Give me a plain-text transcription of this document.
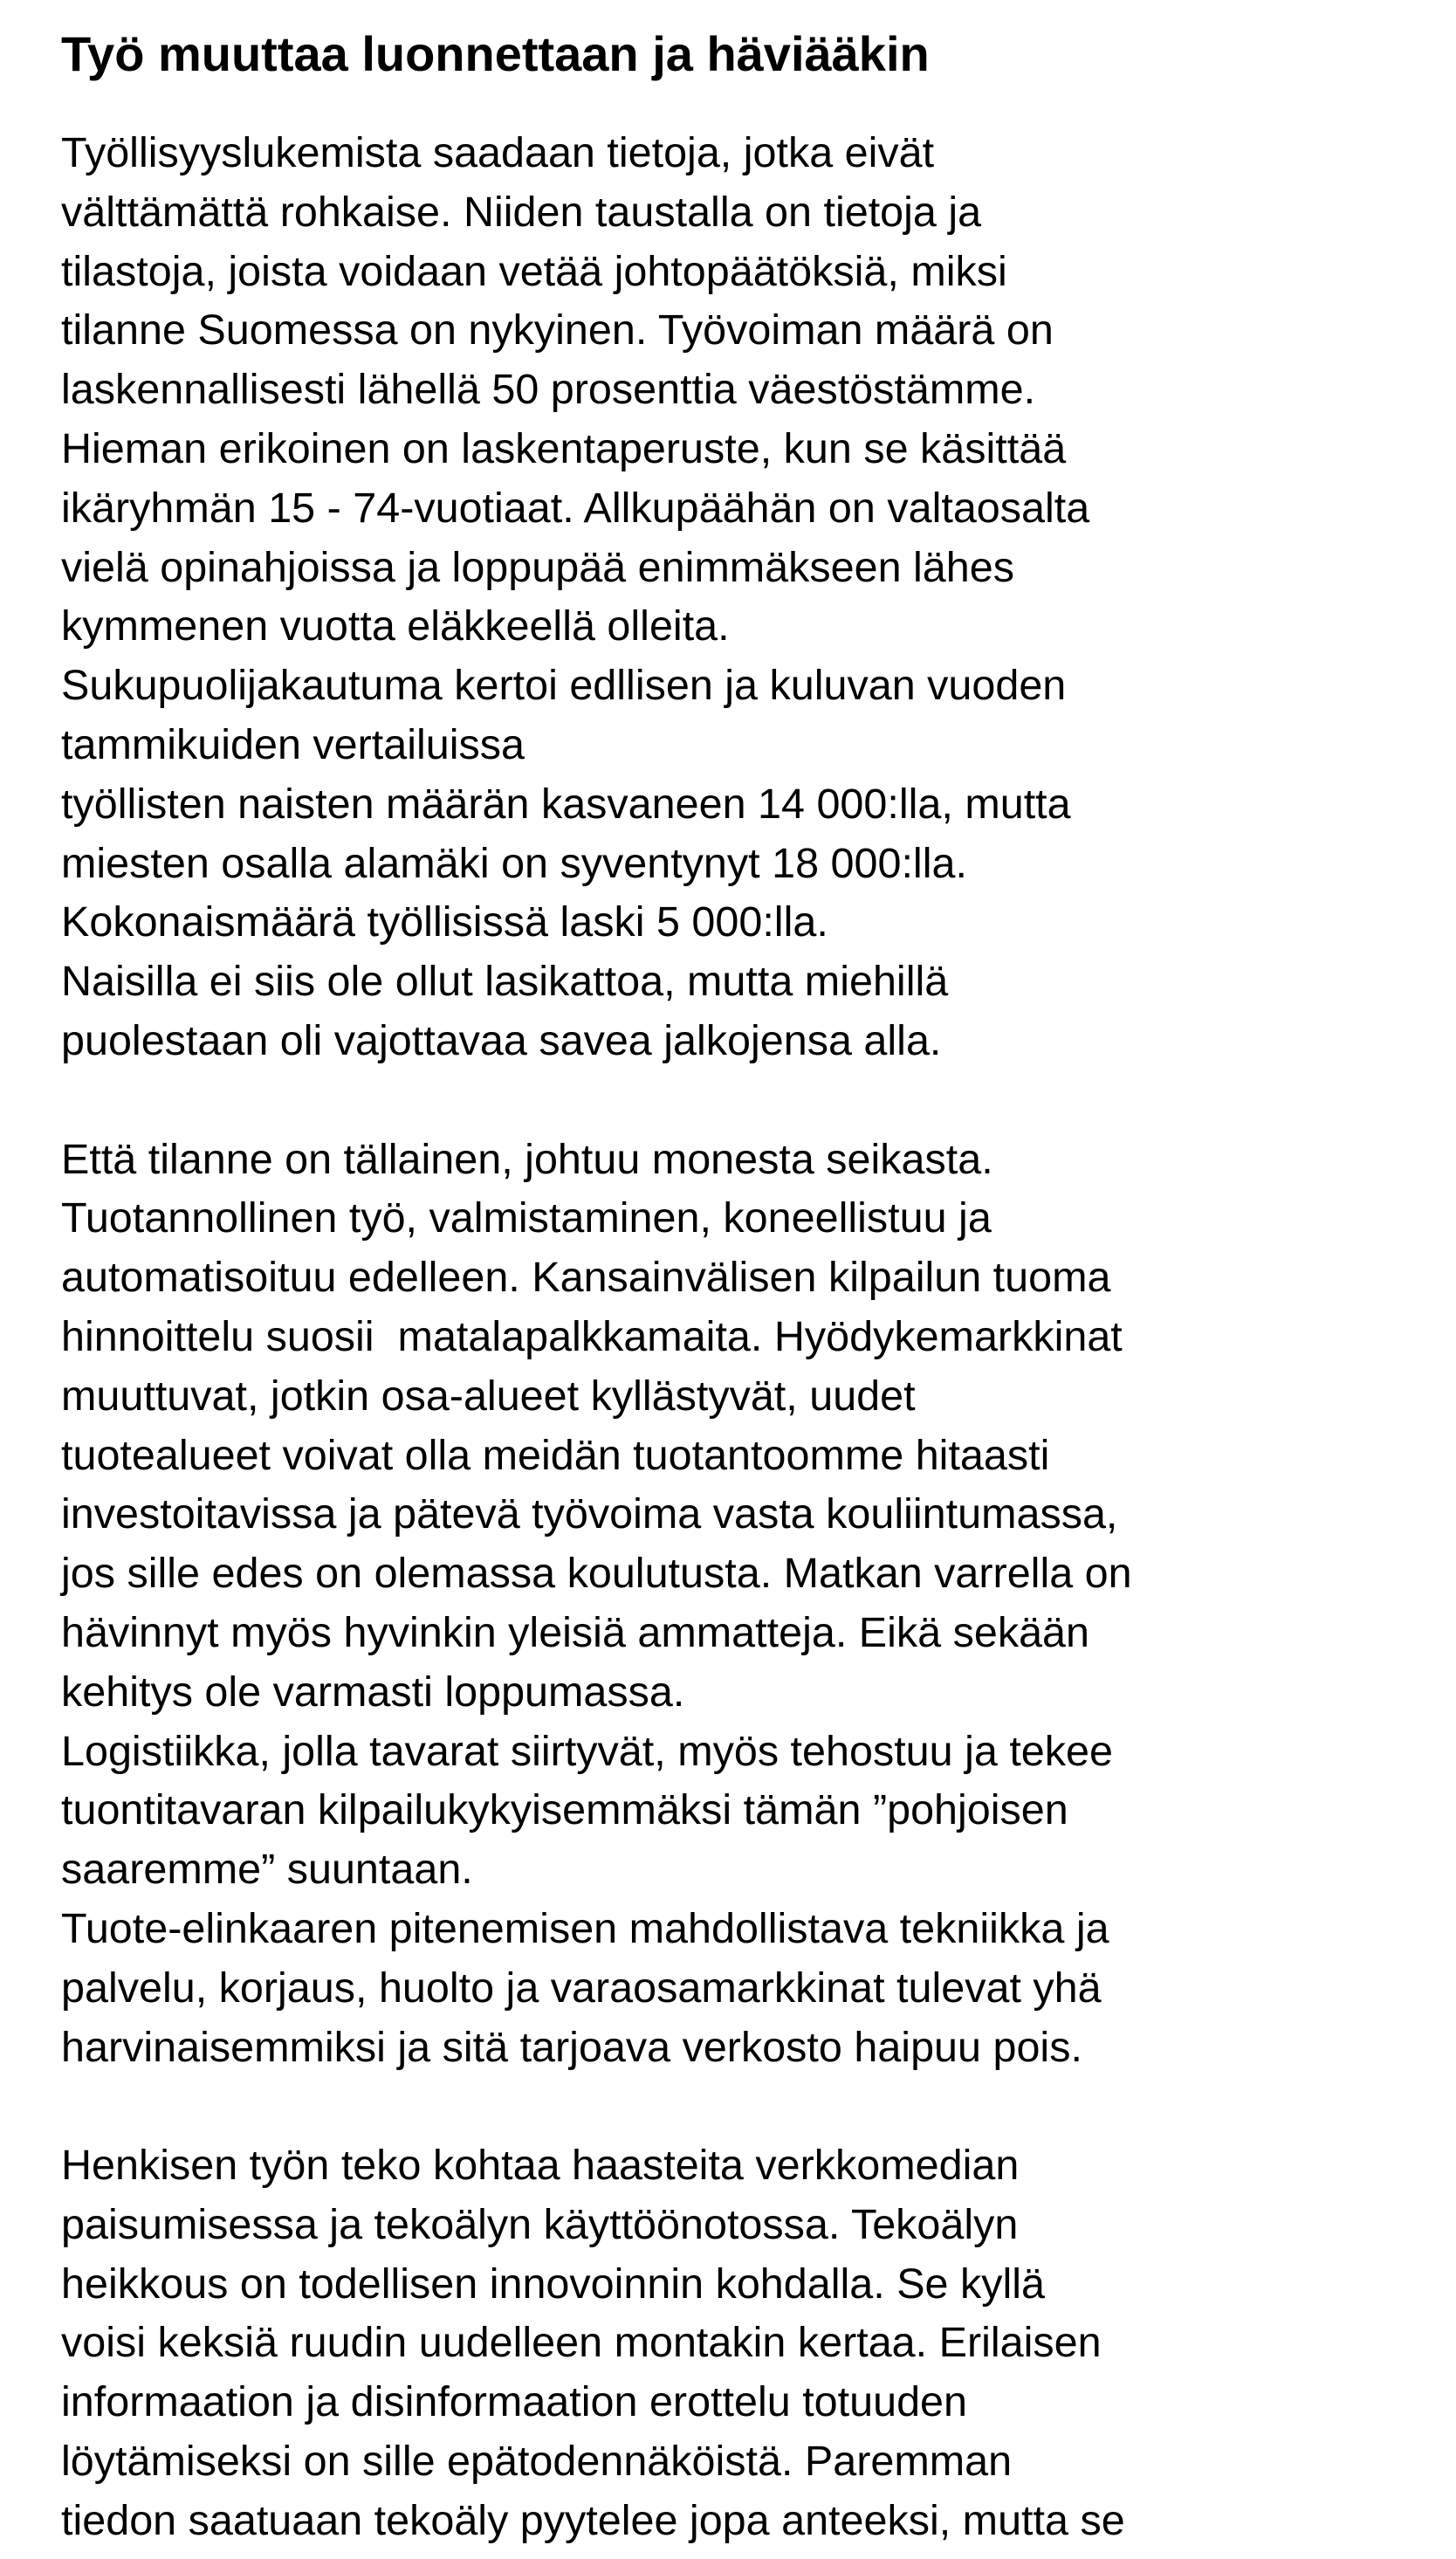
Työ muuttaa luonnettaan ja häviääkin
Työllisyyslukemista saadaan tietoja, jotka eivät
välttämättä rohkaise. Niiden taustalla on tietoja ja
tilastoja, joista voidaan vetää johtopäätöksiä, miksi
tilanne Suomessa on nykyinen. Työvoiman määrä on
laskennallisesti lähellä 50 prosenttia väestöstämme.
Hieman erikoinen on laskentaperuste, kun se käsittää
ikäryhmän 15 - 74-vuotiaat. Allkupäähän on valtaosalta
vielä opinahjoissa ja loppupää enimmäkseen lähes
kymmenen vuotta eläkkeellä olleita.
Sukupuolijakautuma kertoi edllisen ja kuluvan vuoden
tammikuiden vertailuissa
työllisten naisten määrän kasvaneen 14 000:lla, mutta
miesten osalla alamäki on syventynyt 18 000:lla.
Kokonaismäärä työllisissä laski 5 000:lla.
Naisilla ei siis ole ollut lasikattoa, mutta miehillä
puolestaan oli vajottavaa savea jalkojensa alla.
Että tilanne on tällainen, johtuu monesta seikasta.
Tuotannollinen työ, valmistaminen, koneellistuu ja
automatisoituu edelleen. Kansainvälisen kilpailun tuoma
hinnoittelu suosii  matalapalkkamaita. Hyödykemarkkinat
muuttuvat, jotkin osa-alueet kyllästyvät, uudet
tuotealueet voivat olla meidän tuotantoomme hitaasti
investoitavissa ja pätevä työvoima vasta kouliintumassa,
jos sille edes on olemassa koulutusta. Matkan varrella on
hävinnyt myös hyvinkin yleisiä ammatteja. Eikä sekään
kehitys ole varmasti loppumassa.
Logistiikka, jolla tavarat siirtyvät, myös tehostuu ja tekee
tuontitavaran kilpailukykyisemmäksi tämän ”pohjoisen
saaremme” suuntaan.
Tuote-elinkaaren pitenemisen mahdollistava tekniikka ja
palvelu, korjaus, huolto ja varaosamarkkinat tulevat yhä
harvinaisemmiksi ja sitä tarjoava verkosto haipuu pois.
Henkisen työn teko kohtaa haasteita verkkomedian
paisumisessa ja tekoälyn käyttöönotossa. Tekoälyn
heikkous on todellisen innovoinnin kohdalla. Se kyllä
voisi keksiä ruudin uudelleen montakin kertaa. Erilaisen
informaation ja disinformaation erottelu totuuden
löytämiseksi on sille epätodennäköistä. Paremman
tiedon saatuaan tekoäly pyytelee jopa anteeksi, mutta se
